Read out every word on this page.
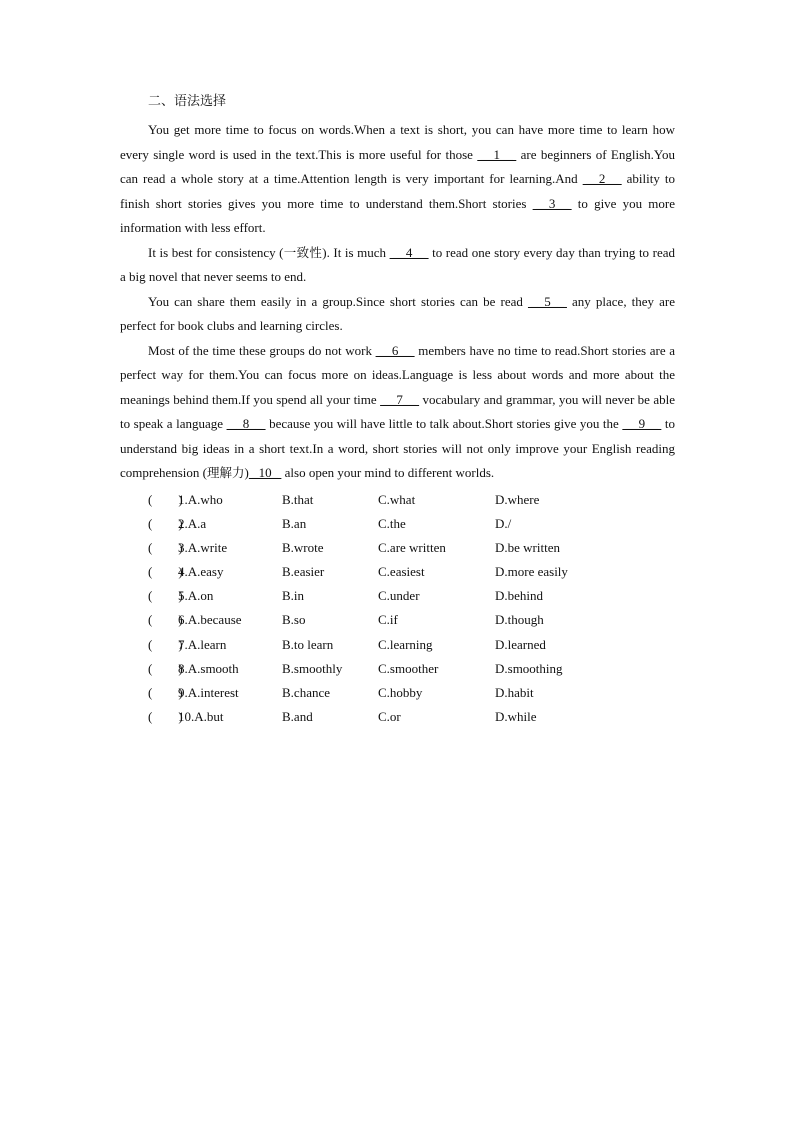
二、语法选择

You get more time to focus on words.When a text is short, you can have more time to learn how every single word is used in the text.This is more useful for those  __1__  are beginners of English.You can read a whole story at a time.Attention length is very important for learning.And  __2__  ability to finish short stories gives you more time to understand them.Short stories  __3__  to give you more information with less effort.

It is best for consistency (一致性). It is much  __4__  to read one story every day than trying to read a big novel that never seems to end.

You can share them easily in a group.Since short stories can be read  __5__  any place, they are perfect for book clubs and learning circles.

Most of the time these groups do not work  __6__  members have no time to read.Short stories are a perfect way for them.You can focus more on ideas.Language is less about words and more about the meanings behind them.If you spend all your time  __7__  vocabulary and grammar, you will never be able to speak a language  __8__  because you will have little to talk about.Short stories give you the  __9__  to understand big ideas in a short text.In a word, short stories will not only improve your English reading comprehension (理解力) _10_  also open your mind to different worlds.

(        )
1.A.who	B.that	C.what	D.where
(        )
2.A.a	B.an	C.the	D./
(        )
3.A.write	B.wrote	C.are written	D.be written
(        )
4.A.easy	B.easier	C.easiest	D.more easily
(        )
5.A.on	B.in	C.under	D.behind
(        )
6.A.because	B.so	C.if	D.though
(        )
7.A.learn	B.to learn	C.learning	D.learned
(        )
8.A.smooth	B.smoothly	C.smoother	D.smoothing
(        )
9.A.interest	B.chance	C.hobby	D.habit
(        )
10.A.but	B.and	C.or	D.while
